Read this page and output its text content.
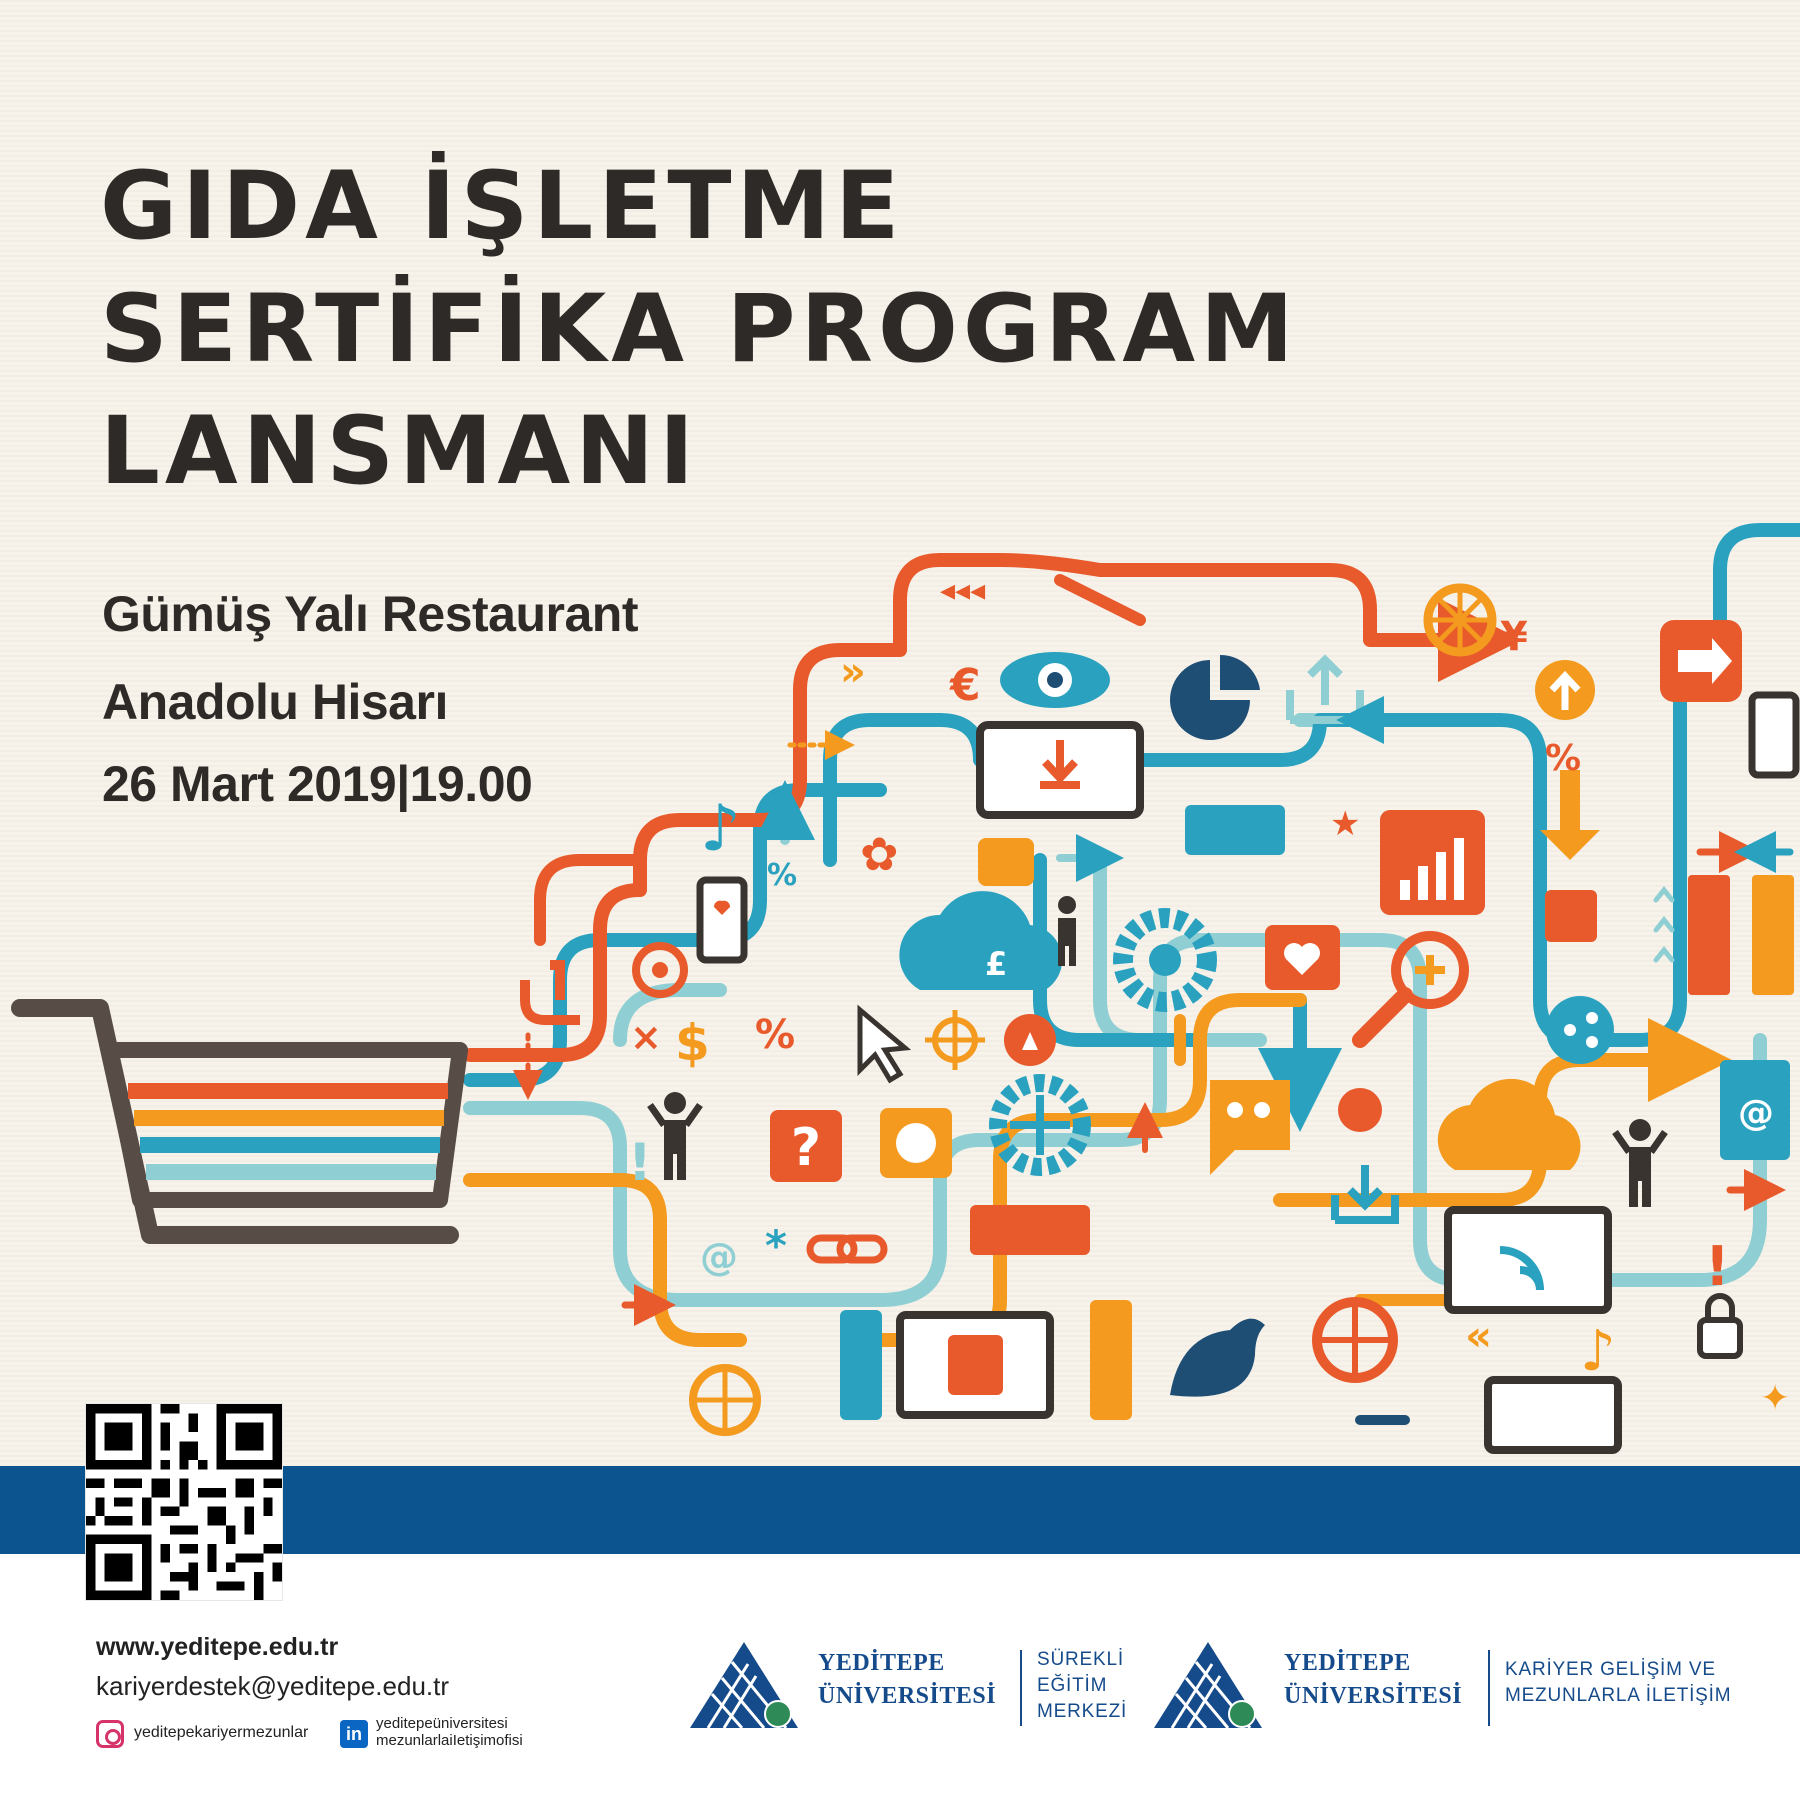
?
@
@
€
¥
$
× %
%
%
£
♪
♪
!
!
*
»
«
◂◂◂
★
✿
✦
GIDA İŞLETME
SERTİFİKA PROGRAM
LANSMANI

Gümüş Yalı Restaurant

Anadolu Hisarı

26 Mart 2019|19.00

www.yeditepe.edu.tr

kariyerdestek@yeditepe.edu.tr

yeditepekariyermezunlar	in

yeditepeüniversitesi

mezunlarlaiIetişimofisi

YEDİTEPE

ÜNİVERSİTESİ

SÜREKLİ

EĞİTİM

MERKEZİ

YEDİTEPE

ÜNİVERSİTESİ

KARİYER GELİŞİM VE

MEZUNLARLA İLETİŞİM
